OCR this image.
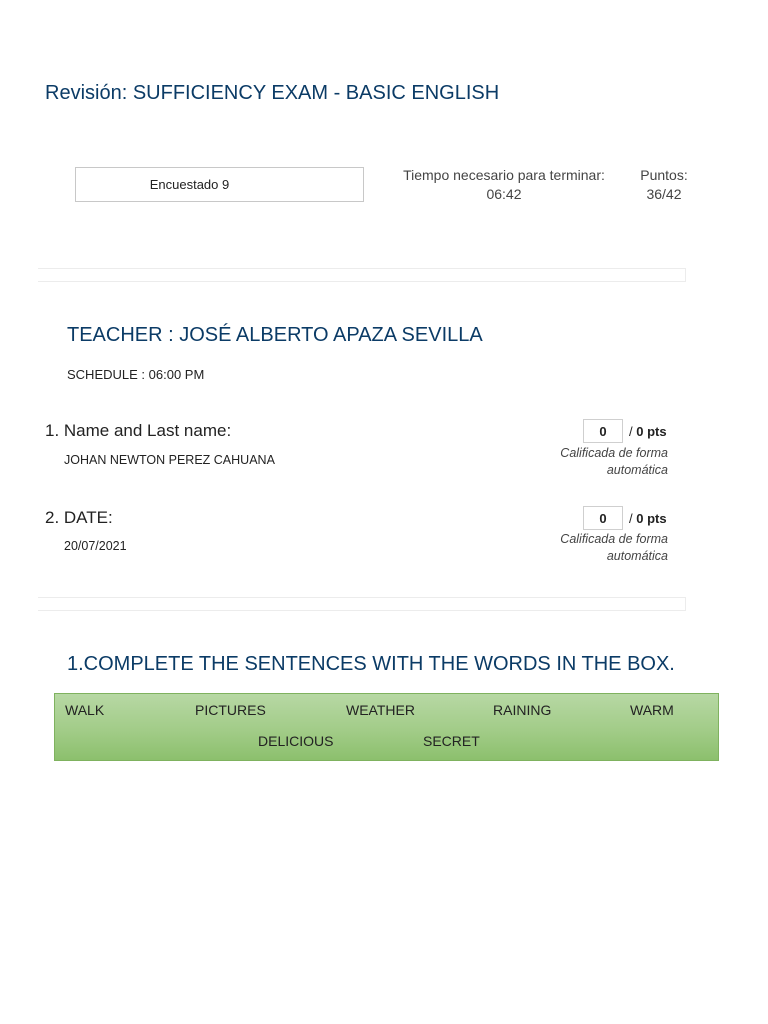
Revisión: SUFFICIENCY EXAM - BASIC ENGLISH
Encuestado 9
Tiempo necesario para terminar:
06:42
Puntos:
36/42
TEACHER : JOSÉ ALBERTO APAZA SEVILLA
SCHEDULE : 06:00 PM
1. Name and Last name:
JOHAN NEWTON PEREZ CAHUANA
0	/ 0 pts
Calificada de forma
automática
2. DATE:
20/07/2021
0	/ 0 pts
Calificada de forma
automática
1.COMPLETE THE SENTENCES WITH THE WORDS IN THE BOX.
WALK	PICTURES	WEATHER	RAINING	WARM
DELICIOUS	SECRET
